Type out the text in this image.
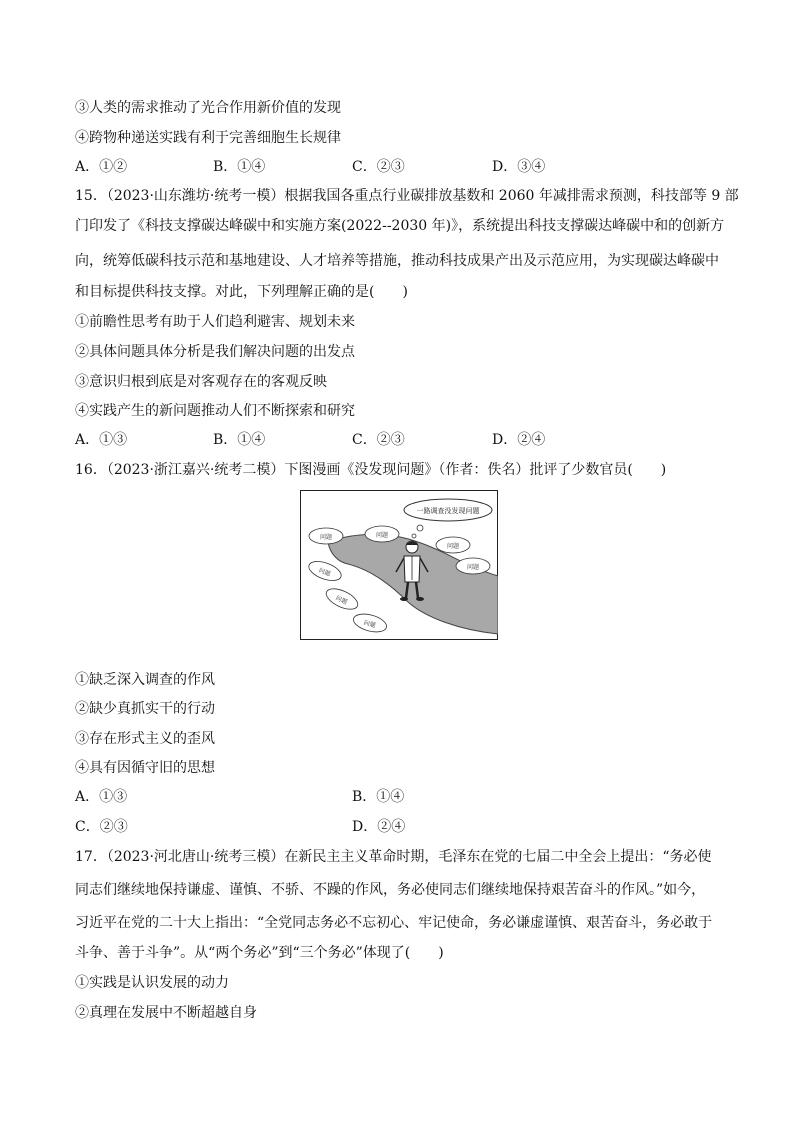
③人类的需求推动了光合作用新价值的发现
④跨物种递送实践有利于完善细胞生长规律
A．①②	B．①④	C．②③	D．③④
15．（2023·山东潍坊·统考一模）根据我国各重点行业碳排放基数和 2060 年减排需求预测，科技部等 9 部
门印发了《科技支撑碳达峰碳中和实施方案(2022--2030 年)》，系统提出科技支撑碳达峰碳中和的创新方
向，统筹低碳科技示范和基地建设、人才培养等措施，推动科技成果产出及示范应用，为实现碳达峰碳中
和目标提供科技支撑。对此，下列理解正确的是(　　)
①前瞻性思考有助于人们趋利避害、规划未来
②具体问题具体分析是我们解决问题的出发点
③意识归根到底是对客观存在的客观反映
④实践产生的新问题推动人们不断探索和研究
A．①③	B．①④	C．②③	D．②④
16．（2023·浙江嘉兴·统考二模）下图漫画《没发现问题》（作者：佚名）批评了少数官员(　　)
一路调查没发现问题
问题	问题
问题
问题
问题
问题
问题
①缺乏深入调查的作风
②缺少真抓实干的行动
③存在形式主义的歪风
④具有因循守旧的思想
A．①③	B．①④
C．②③	D．②④
17．（2023·河北唐山·统考三模）在新民主主义革命时期，毛泽东在党的七届二中全会上提出：“务必使
同志们继续地保持谦虚、谨慎、不骄、不躁的作风，务必使同志们继续地保持艰苦奋斗的作风。”如今，
习近平在党的二十大上指出：“全党同志务必不忘初心、牢记使命，务必谦虚谨慎、艰苦奋斗，务必敢于
斗争、善于斗争”。从“两个务必”到“三个务必”体现了(　　)
①实践是认识发展的动力
②真理在发展中不断超越自身
